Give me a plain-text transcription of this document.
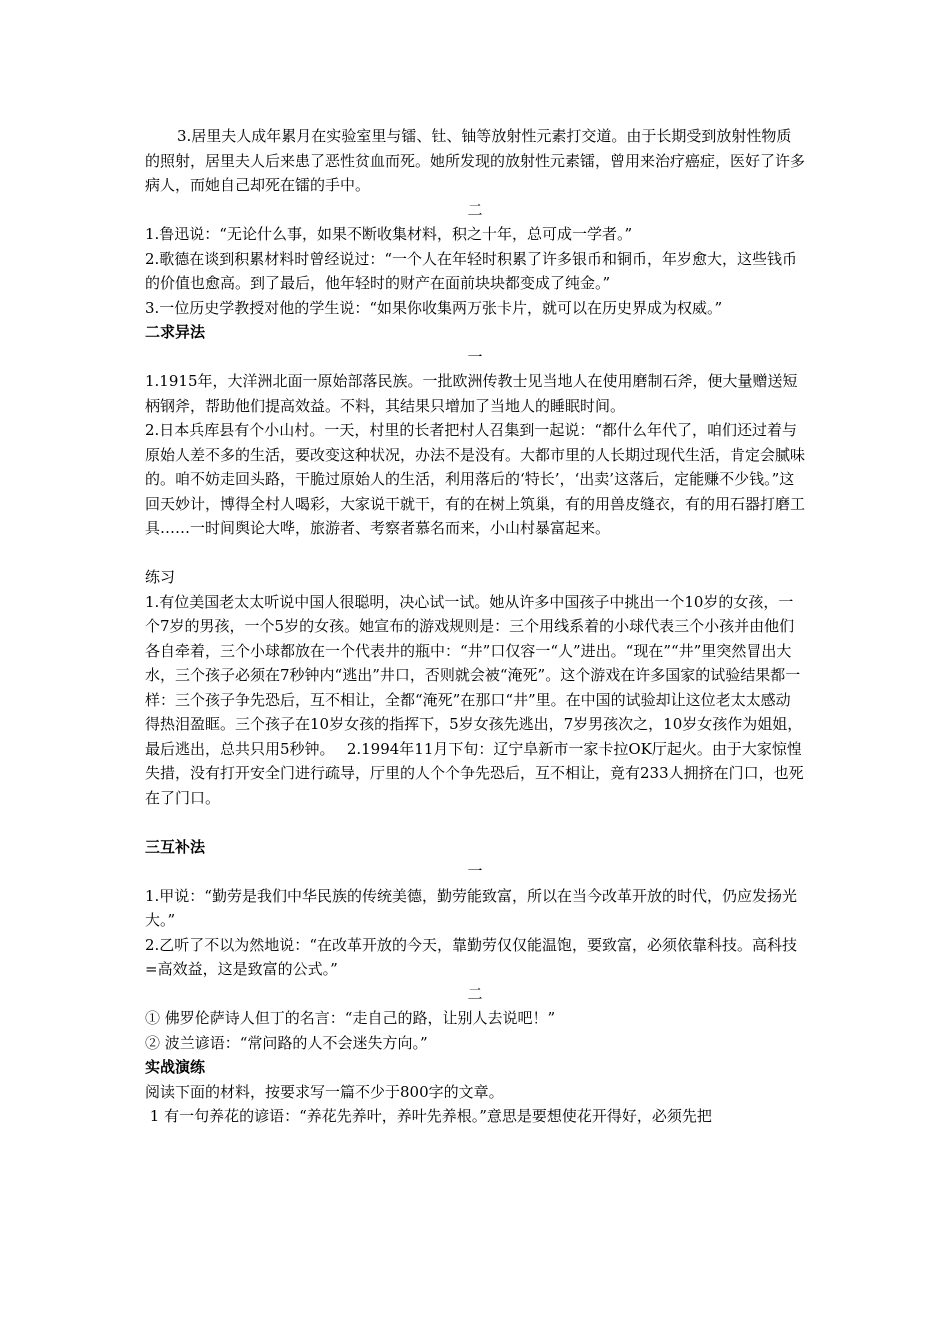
3.居里夫人成年累月在实验室里与镭、钍、铀等放射性元素打交道。由于长期受到放射性物质的照射，居里夫人后来患了恶性贫血而死。她所发现的放射性元素镭，曾用来治疗癌症，医好了许多病人，而她自己却死在镭的手中。

二

1.鲁迅说：“无论什么事，如果不断收集材料，积之十年，总可成一学者。”

2.歌德在谈到积累材料时曾经说过：“一个人在年轻时积累了许多银币和铜币，年岁愈大，这些钱币的价值也愈高。到了最后，他年轻时的财产在面前块块都变成了纯金。”

3.一位历史学教授对他的学生说：“如果你收集两万张卡片，就可以在历史界成为权威。”

二求异法

一

1.1915年，大洋洲北面一原始部落民族。一批欧洲传教士见当地人在使用磨制石斧，便大量赠送短柄钢斧，帮助他们提高效益。不料，其结果只增加了当地人的睡眠时间。

2.日本兵库县有个小山村。一天，村里的长者把村人召集到一起说：“都什么年代了，咱们还过着与原始人差不多的生活，要改变这种状况，办法不是没有。大都市里的人长期过现代生活，肯定会腻味的。咱不妨走回头路，干脆过原始人的生活，利用落后的‘特长’，‘出卖’这落后，定能赚不少钱。”这回天妙计，博得全村人喝彩，大家说干就干，有的在树上筑巢，有的用兽皮缝衣，有的用石器打磨工具……一时间舆论大哗，旅游者、考察者慕名而来，小山村暴富起来。

练习

1.有位美国老太太听说中国人很聪明，决心试一试。她从许多中国孩子中挑出一个10岁的女孩，一个7岁的男孩，一个5岁的女孩。她宣布的游戏规则是：三个用线系着的小球代表三个小孩并由他们各自牵着，三个小球都放在一个代表井的瓶中：“井”口仅容一“人”进出。“现在”“井”里突然冒出大水，三个孩子必须在7秒钟内“逃出”井口，否则就会被“淹死”。这个游戏在许多国家的试验结果都一样：三个孩子争先恐后，互不相让，全都“淹死”在那口“井”里。在中国的试验却让这位老太太感动得热泪盈眶。三个孩子在10岁女孩的指挥下，5岁女孩先逃出，7岁男孩次之，10岁女孩作为姐姐，最后逃出，总共只用5秒钟。　 2.1994年11月下旬：辽宁阜新市一家卡拉OK厅起火。由于大家惊惶失措，没有打开安全门进行疏导，厅里的人个个争先恐后，互不相让，竟有233人拥挤在门口，也死在了门口。

三互补法

一

1.甲说：“勤劳是我们中华民族的传统美德，勤劳能致富，所以在当今改革开放的时代，仍应发扬光大。”

2.乙听了不以为然地说：“在改革开放的今天，靠勤劳仅仅能温饱，要致富，必须依靠科技。高科技=高效益，这是致富的公式。”

二

① 佛罗伦萨诗人但丁的名言：“走自己的路，让别人去说吧！”

② 波兰谚语：“常问路的人不会迷失方向。”

实战演练

阅读下面的材料，按要求写一篇不少于800字的文章。

1 有一句养花的谚语：“养花先养叶，养叶先养根。”意思是要想使花开得好，必须先把
